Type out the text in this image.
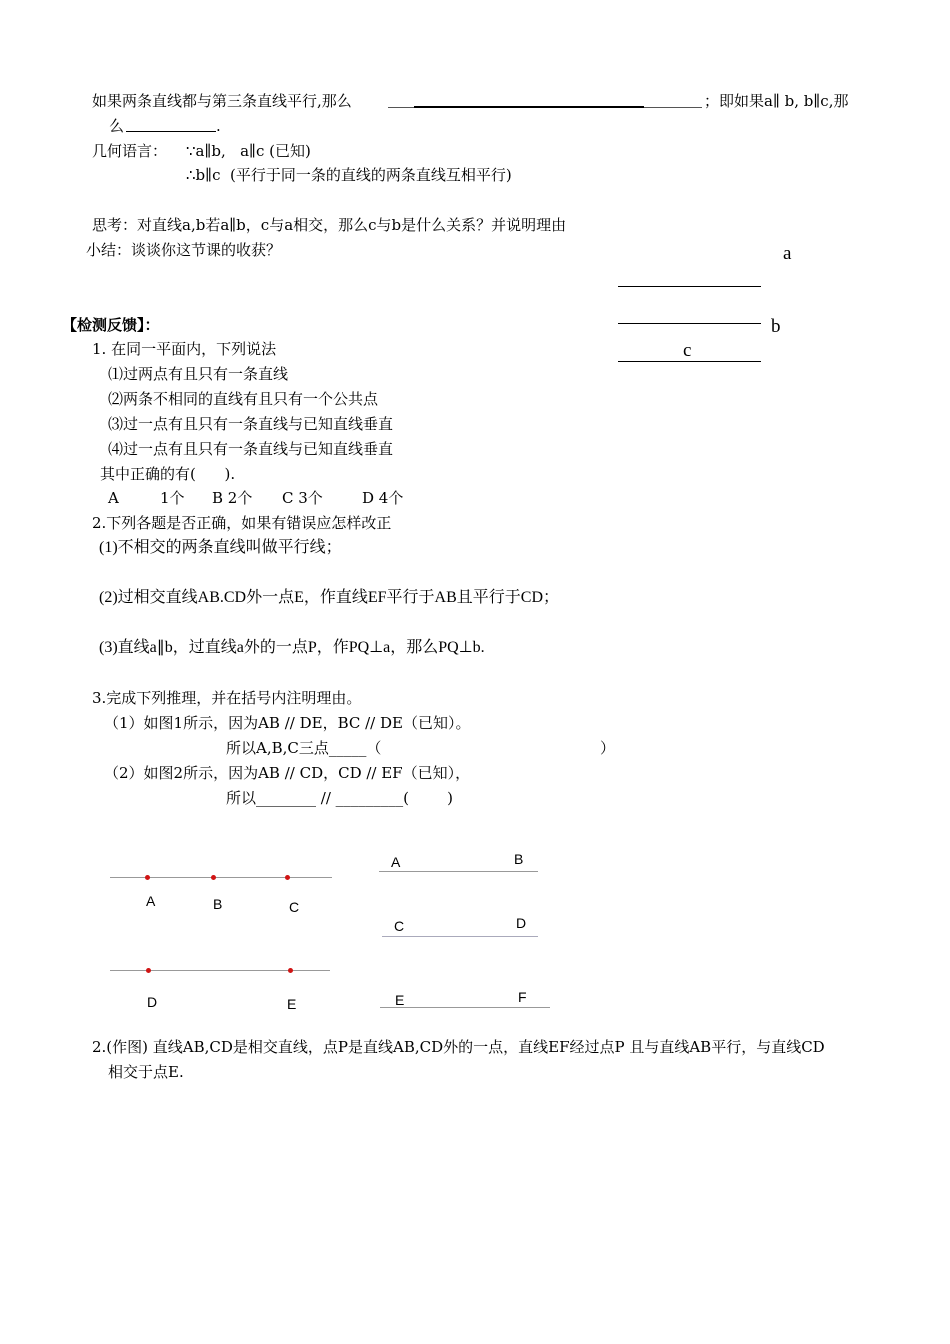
如果两条直线都与第三条直线平行,那么	；即如果a∥ b, b∥c,那
么	.
几何语言： ∵a∥b,   a∥c (已知)
∴b∥c  (平行于同一条的直线的两条直线互相平行)
思考：对直线a,b若a∥b，c与a相交，那么c与b是什么关系？并说明理由
小结：谈谈你这节课的收获？	a
b
c
【检测反馈】：
1. 在同一平面内，下列说法
⑴过两点有且只有一条直线
⑵两条不相同的直线有且只有一个公共点
⑶过一点有且只有一条直线与已知直线垂直
⑷过一点有且只有一条直线与已知直线垂直
其中正确的有(      ).
A	1个 B 2个 C 3个	D 4个
2.下列各题是否正确，如果有错误应怎样改正
(1)不相交的两条直线叫做平行线；
(2)过相交直线AB.CD外一点E，作直线EF平行于AB且平行于CD；
(3)直线a∥b，过直线a外的一点P，作PQ⊥a，那么PQ⊥b.
3.完成下列推理，并在括号内注明理由。
（1）如图1所示，因为AB // DE，BC // DE（已知）。
所以A,B,C三点_____（	）
（2）如图2所示，因为AB // CD，CD // EF（已知），
所以________ // _________(        )
A	B	C
D	E
A	B
C	D
E	F
2.(作图) 直线AB,CD是相交直线，点P是直线AB,CD外的一点，直线EF经过点P 且与直线AB平行，与直线CD
相交于点E.
